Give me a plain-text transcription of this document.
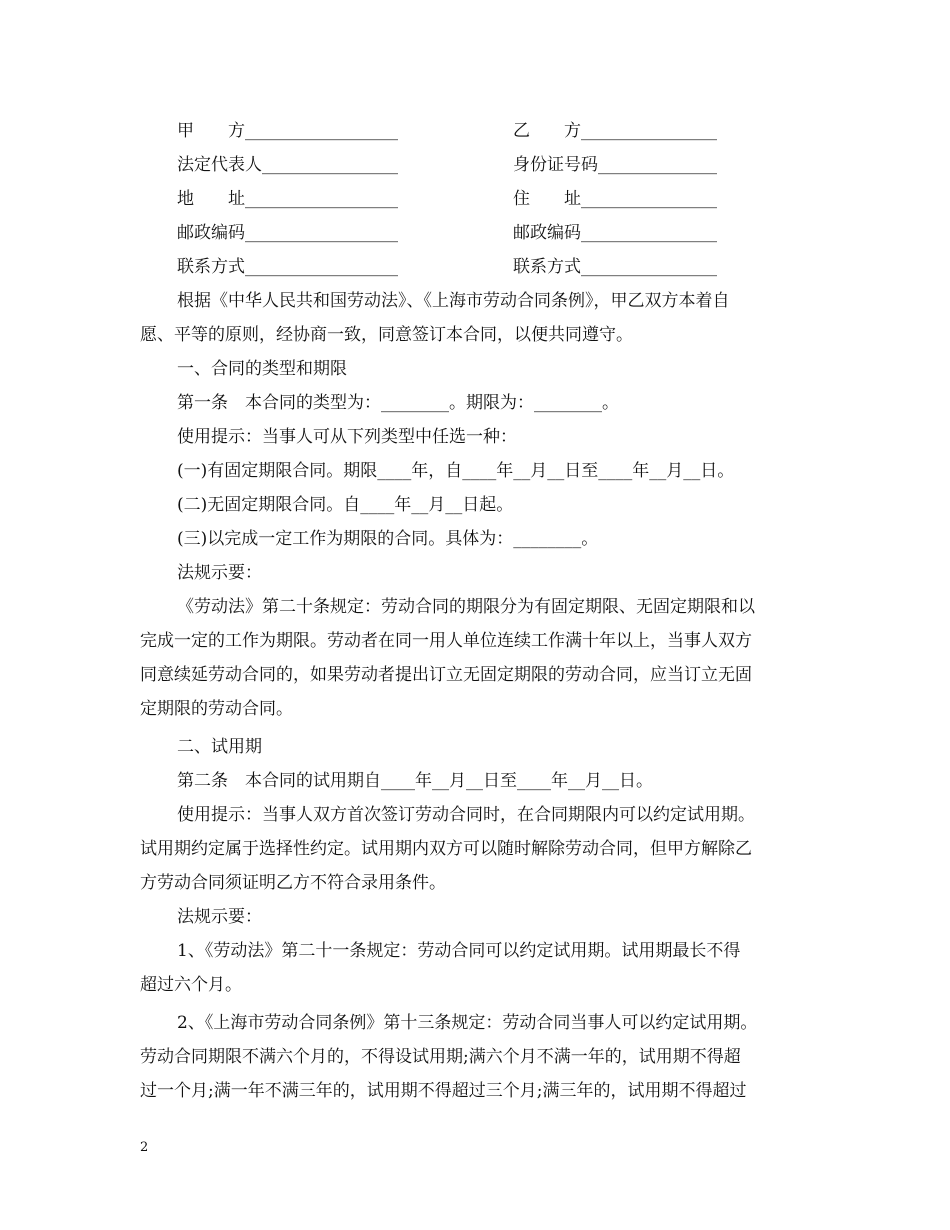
甲　　方__________________
法定代表人________________
地　　址__________________
邮政编码__________________
联系方式__________________
乙　　方________________
身份证号码______________
住　　址________________
邮政编码________________
联系方式________________
根据《中华人民共和国劳动法》、《上海市劳动合同条例》，甲乙双方本着自
愿、平等的原则，经协商一致，同意签订本合同，以便共同遵守。
一、合同的类型和期限
第一条　本合同的类型为：________。期限为：________。
使用提示：当事人可从下列类型中任选一种：
(一)有固定期限合同。期限____年，自____年__月__日至____年__月__日。
(二)无固定期限合同。自____年__月__日起。
(三)以完成一定工作为期限的合同。具体为：________。
法规示要：
《劳动法》第二十条规定：劳动合同的期限分为有固定期限、无固定期限和以
完成一定的工作为期限。劳动者在同一用人单位连续工作满十年以上，当事人双方
同意续延劳动合同的，如果劳动者提出订立无固定期限的劳动合同，应当订立无固
定期限的劳动合同。
二、试用期
第二条　本合同的试用期自____年__月__日至____年__月__日。
使用提示：当事人双方首次签订劳动合同时，在合同期限内可以约定试用期。
试用期约定属于选择性约定。试用期内双方可以随时解除劳动合同，但甲方解除乙
方劳动合同须证明乙方不符合录用条件。
法规示要：
1、《劳动法》第二十一条规定：劳动合同可以约定试用期。试用期最长不得
超过六个月。
2、《上海市劳动合同条例》第十三条规定：劳动合同当事人可以约定试用期。
劳动合同期限不满六个月的，不得设试用期;满六个月不满一年的，试用期不得超
过一个月;满一年不满三年的，试用期不得超过三个月;满三年的，试用期不得超过
2
